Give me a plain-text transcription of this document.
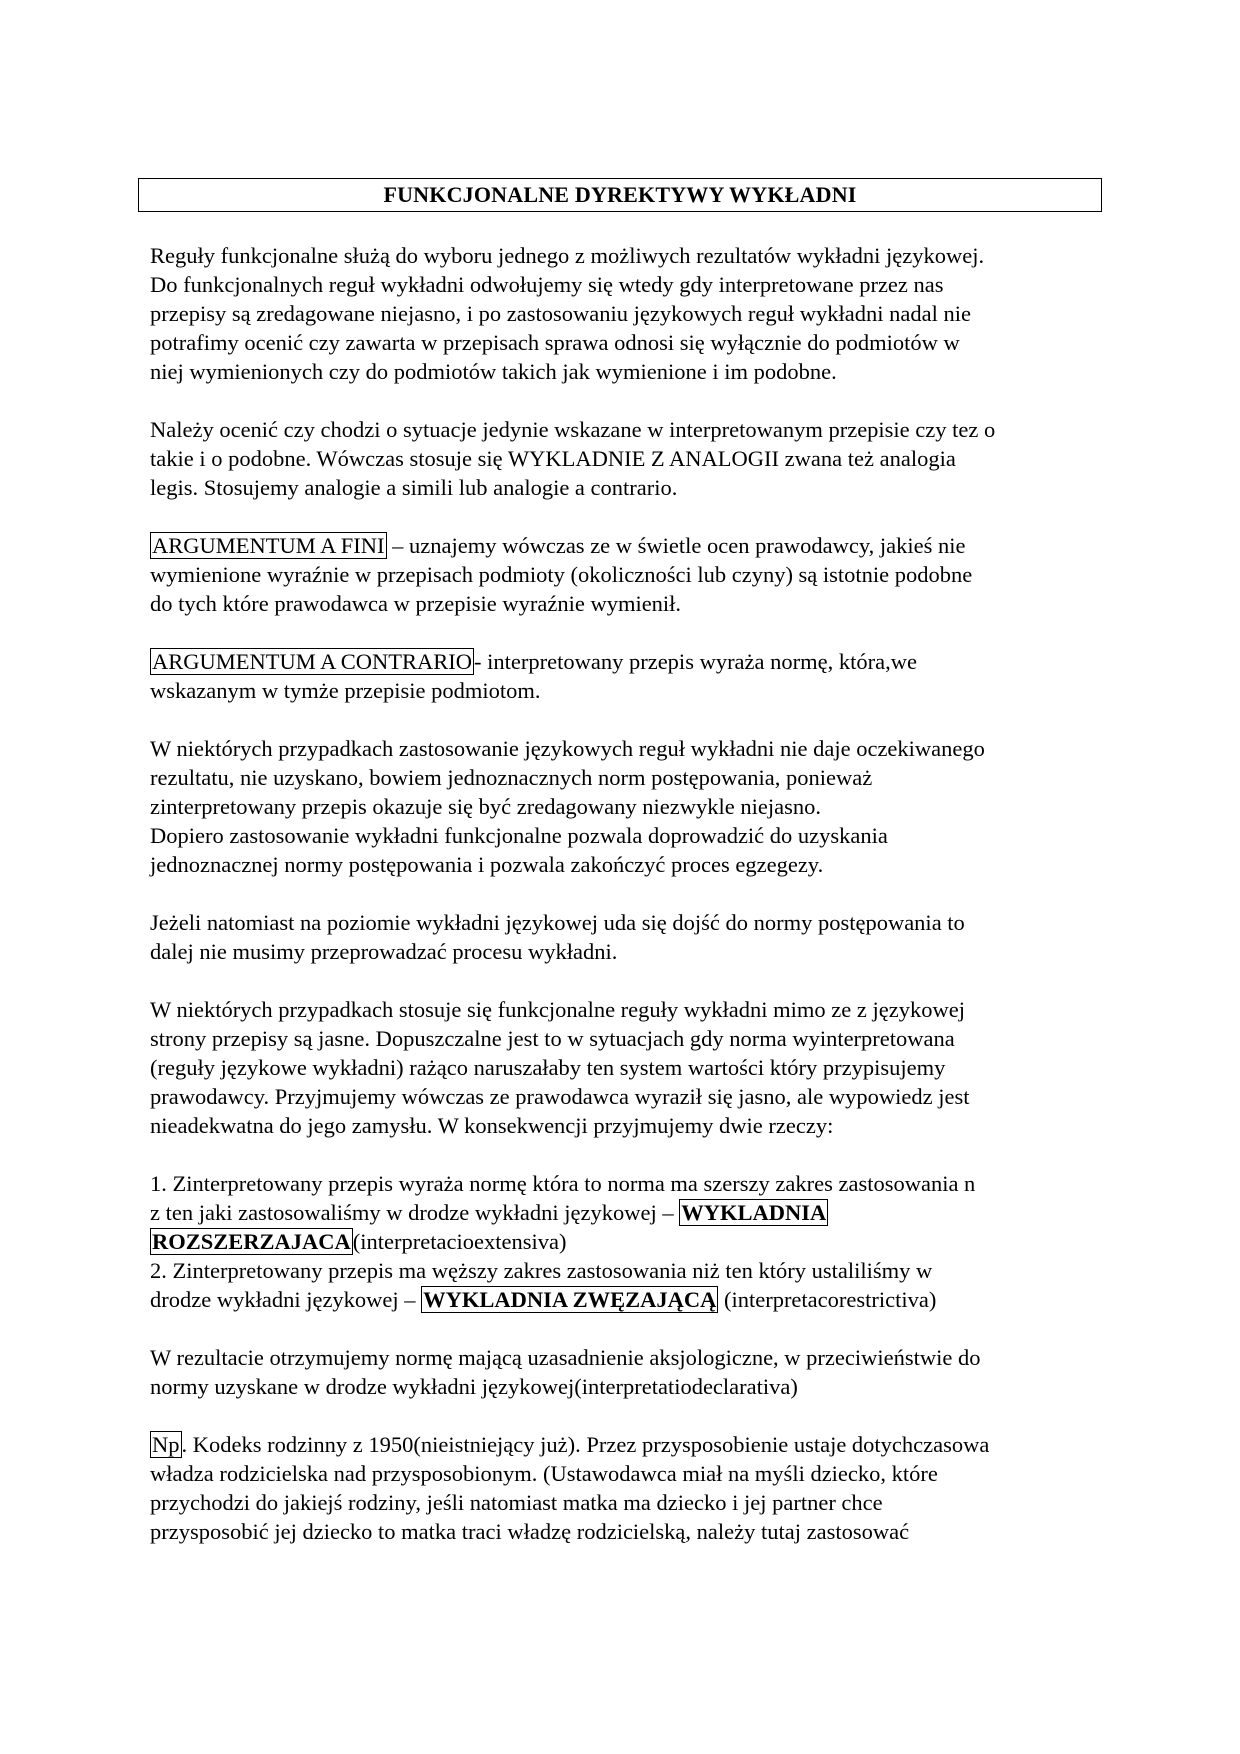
FUNKCJONALNE DYREKTYWY WYKŁADNI

Reguły funkcjonalne służą do wyboru jednego z możliwych rezultatów wykładni językowej.
Do funkcjonalnych reguł wykładni odwołujemy się wtedy gdy interpretowane przez nas
przepisy są zredagowane niejasno, i po zastosowaniu językowych reguł wykładni nadal nie
potrafimy ocenić czy zawarta w przepisach sprawa odnosi się wyłącznie do podmiotów w
niej wymienionych czy do podmiotów takich jak wymienione i im podobne.

Należy ocenić czy chodzi o sytuacje jedynie wskazane w interpretowanym przepisie czy tez o
takie i o podobne. Wówczas stosuje się WYKLADNIE Z ANALOGII zwana też analogia
legis. Stosujemy analogie a simili lub analogie a contrario.

ARGUMENTUM A FINI – uznajemy wówczas ze w świetle ocen prawodawcy, jakieś nie
wymienione wyraźnie w przepisach podmioty (okoliczności lub czyny) są istotnie podobne
do tych które prawodawca w przepisie wyraźnie wymienił.

ARGUMENTUM A CONTRARIO- interpretowany przepis wyraża normę, która,we
wskazanym w tymże przepisie podmiotom.

W niektórych przypadkach zastosowanie językowych reguł wykładni nie daje oczekiwanego
rezultatu, nie uzyskano, bowiem jednoznacznych norm postępowania, ponieważ
zinterpretowany przepis okazuje się być zredagowany niezwykle niejasno.
Dopiero zastosowanie wykładni funkcjonalne pozwala doprowadzić do uzyskania
jednoznacznej normy postępowania i pozwala zakończyć proces egzegezy.

Jeżeli natomiast na poziomie wykładni językowej uda się dojść do normy postępowania to
dalej nie musimy przeprowadzać procesu wykładni.

W niektórych przypadkach stosuje się funkcjonalne reguły wykładni mimo ze z językowej
strony przepisy są jasne. Dopuszczalne jest to w sytuacjach gdy norma wyinterpretowana
(reguły językowe wykładni) rażąco naruszałaby ten system wartości który przypisujemy
prawodawcy. Przyjmujemy wówczas ze prawodawca wyraził się jasno, ale wypowiedz jest
nieadekwatna do jego zamysłu. W konsekwencji przyjmujemy dwie rzeczy:

1. Zinterpretowany przepis wyraża normę która to norma ma szerszy zakres zastosowania n
z ten jaki zastosowaliśmy w drodze wykładni językowej – WYKLADNIA
ROZSZERZAJACA(interpretacioextensiva)
2. Zinterpretowany przepis ma węższy zakres zastosowania niż ten który ustaliliśmy w
drodze wykładni językowej – WYKLADNIA ZWĘZAJĄCĄ (interpretacorestrictiva)

W rezultacie otrzymujemy normę mającą uzasadnienie aksjologiczne, w przeciwieństwie do
normy uzyskane w drodze wykładni językowej(interpretatiodeclarativa)

Np. Kodeks rodzinny z 1950(nieistniejący już). Przez przysposobienie ustaje dotychczasowa
władza rodzicielska nad przysposobionym. (Ustawodawca miał na myśli dziecko, które
przychodzi do jakiejś rodziny, jeśli natomiast matka ma dziecko i jej partner chce
przysposobić jej dziecko to matka traci władzę rodzicielską, należy tutaj zastosować
